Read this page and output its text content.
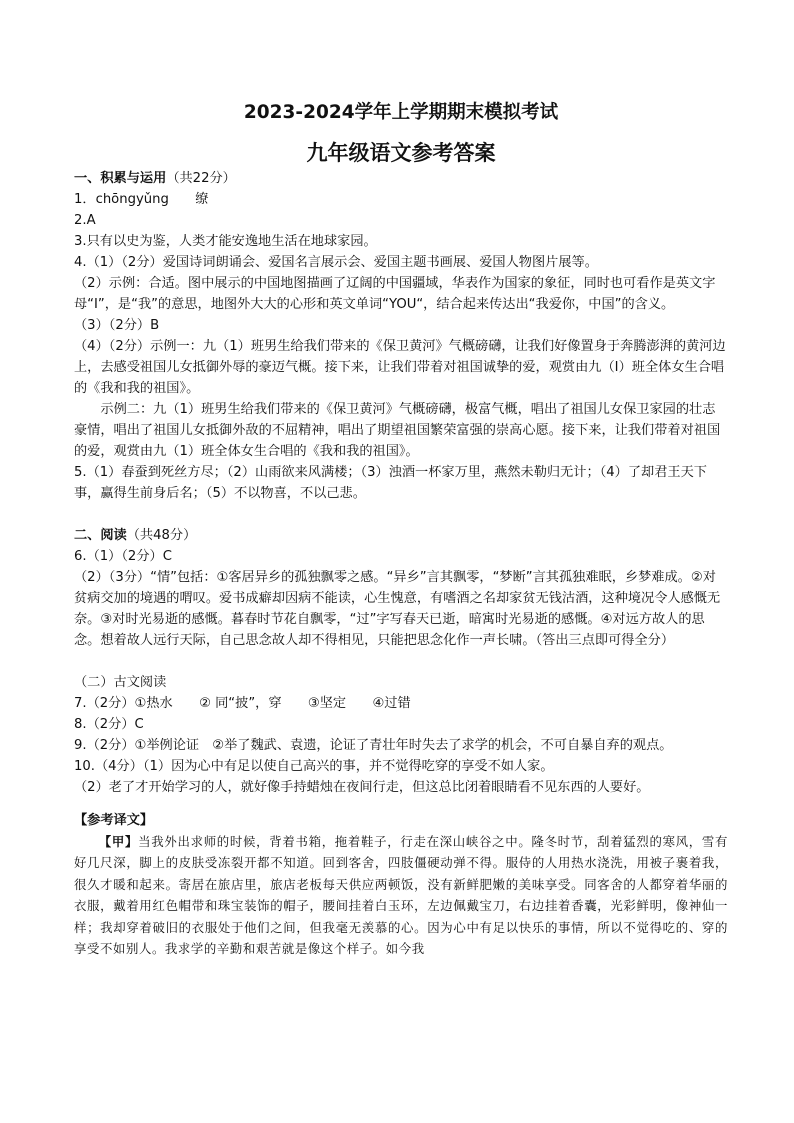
2023-2024学年上学期期末模拟考试
九年级语文参考答案
一、积累与运用（共22分）

1．chōngyǔng　　缭

2.A

3.只有以史为鉴，人类才能安逸地生活在地球家园。

4.（1）（2分）爱国诗词朗诵会、爱国名言展示会、爱国主题书画展、爱国人物图片展等。

（2）示例：合适。图中展示的中国地图描画了辽阔的中国疆域，华表作为国家的象征，同时也可看作是英文字母“I”，是“我”的意思，地图外大大的心形和英文单词“YOU“，结合起来传达出“我爱你，中国”的含义。

（3）（2分）B

（4）（2分）示例一：九（1）班男生给我们带来的《保卫黄河》气概磅礴，让我们好像置身于奔腾澎湃的黄河边上，去感受祖国儿女抵御外辱的豪迈气概。接下来，让我们带着对祖国诚挚的爱，观赏由九（I）班全体女生合唱的《我和我的祖国》。

示例二：九（1）班男生给我们带来的《保卫黄河》气概磅礴，极富气概，唱出了祖国儿女保卫家园的壮志豪情，唱出了祖国儿女抵御外敌的不屈精神，唱出了期望祖国繁荣富强的崇高心愿。接下来，让我们带着对祖国的爱，观赏由九（1）班全体女生合唱的《我和我的祖国》。

5.（1）春蚕到死丝方尽；（2）山雨欲来风满楼；（3）浊酒一杯家万里，燕然未勒归无计；（4）了却君王天下事，赢得生前身后名；（5）不以物喜，不以己悲。

二、阅读（共48分）

6.（1）（2分）C

（2）（3分）“情”包括：①客居异乡的孤独飘零之感。“异乡”言其飘零，“梦断”言其孤独难眠，乡梦难成。②对贫病交加的境遇的喟叹。爱书成癖却因病不能读，心生愧意，有嗜酒之名却家贫无钱沽酒，这种境况令人感慨无奈。③对时光易逝的感慨。暮春时节花自飘零，“过”字写春天已逝，暗寓时光易逝的感慨。④对远方故人的思念。想着故人远行天际，自己思念故人却不得相见，只能把思念化作一声长啸。（答出三点即可得全分）

（二）古文阅读

7.（2分）①热水　　② 同“披”，穿　　③坚定　　④过错

8.（2分）C

9.（2分）①举例论证　②举了魏武、袁遗，论证了青壮年时失去了求学的机会，不可自暴自弃的观点。

10.（4分）（1）因为心中有足以使自己高兴的事，并不觉得吃穿的享受不如人家。

（2）老了才开始学习的人，就好像手持蜡烛在夜间行走，但这总比闭着眼睛看不见东西的人要好。

【参考译文】

【甲】当我外出求师的时候，背着书箱，拖着鞋子，行走在深山峡谷之中。隆冬时节，刮着猛烈的寒风，雪有好几尺深，脚上的皮肤受冻裂开都不知道。回到客舍，四肢僵硬动弹不得。服侍的人用热水浇洗，用被子裹着我，很久才暖和起来。寄居在旅店里，旅店老板每天供应两顿饭，没有新鲜肥嫩的美味享受。同客舍的人都穿着华丽的衣服，戴着用红色帽带和珠宝装饰的帽子，腰间挂着白玉环，左边佩戴宝刀，右边挂着香囊，光彩鲜明，像神仙一样；我却穿着破旧的衣服处于他们之间，但我毫无羡慕的心。因为心中有足以快乐的事情，所以不觉得吃的、穿的享受不如别人。我求学的辛勤和艰苦就是像这个样子。如今我
